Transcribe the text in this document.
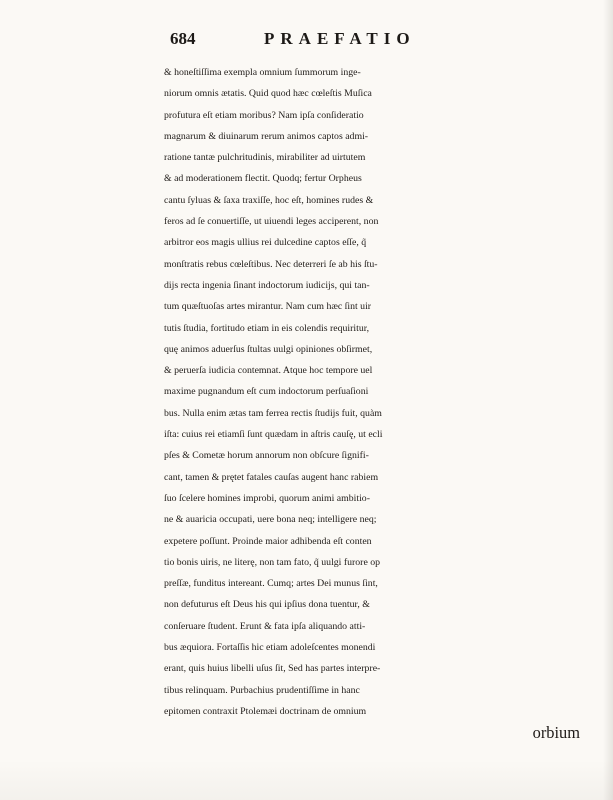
684	PRAEFATIO
& honeſtiſſima exempla omnium ſummorum inge-
niorum omnis ætatis. Quid quod hæc cœleſtis Muſica
profutura eſt etiam moribus? Nam ipſa conſideratio
magnarum & diuinarum rerum animos captos admi-
ratione tantæ pulchritudinis, mirabiliter ad uirtutem
& ad moderationem flectit. Quodq; fertur Orpheus
cantu ſyluas & ſaxa traxiſſe, hoc eſt, homines rudes &
feros ad ſe conuertiſſe, ut uiuendi leges acciperent, non
arbitror eos magis ullius rei dulcedine captos eſſe, q̃
monſtratis rebus cœleſtibus. Nec deterreri ſe ab his ſtu-
dijs recta ingenia ſinant indoctorum iudicijs, qui tan-
tum quæſtuoſas artes mirantur. Nam cum hæc ſint uir
tutis ſtudia, fortitudo etiam in eis colendis requiritur,
quę animos aduerſus ſtultas uulgi opiniones obſirmet,
& peruerſa iudicia contemnat. Atque hoc tempore uel
maxime pugnandum eſt cum indoctorum perſuaſioni
bus. Nulla enim ætas tam ferrea rectis ſtudijs fuit, quàm
iſta: cuius rei etiamſi ſunt quædam in aſtris cauſę, ut ecli
pſes & Cometæ horum annorum non obſcure ſignifi-
cant, tamen & prętet fatales cauſas augent hanc rabiem
ſuo ſcelere homines improbi, quorum animi ambitio-
ne & auaricia occupati, uere bona neq; intelligere neq;
expetere poſſunt. Proinde maior adhibenda eſt conten
tio bonis uiris, ne literę, non tam fato, q̃ uulgi furore op
preſſæ, funditus intereant. Cumq; artes Dei munus ſint,
non defuturus eſt Deus his qui ipſius dona tuentur, &
conſeruare ſtudent. Erunt & fata ipſa aliquando atti-
bus æquiora. Fortaſſis hic etiam adoleſcentes monendi
erant, quis huius libelli uſus ſit, Sed has partes interpre-
tibus relinquam. Purbachius prudentiſſime in hanc
epitomen contraxit Ptolemæi doctrinam de omnium
orbium
